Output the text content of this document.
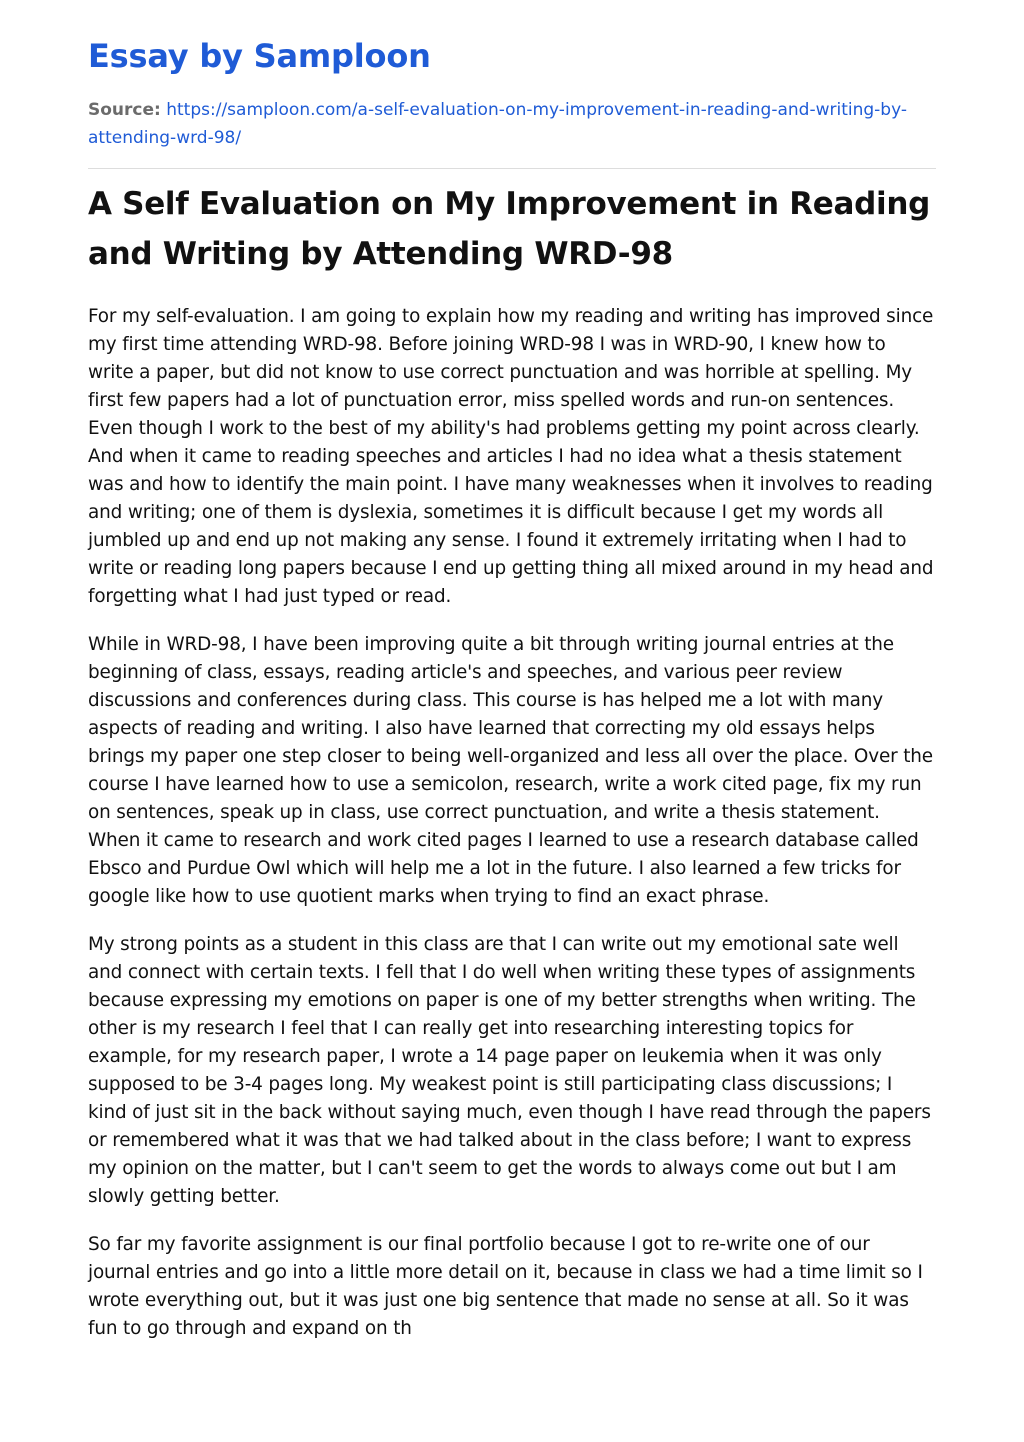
Essay by Samploon
Source: https://samploon.com/a-self-evaluation-on-my-improvement-in-reading-and-writing-by-attending-wrd-98/
A Self Evaluation on My Improvement in Reading and Writing by Attending WRD-98

For my self-evaluation. I am going to explain how my reading and writing has improved since my first time attending WRD-98. Before joining WRD-98 I was in WRD-90, I knew how to write a paper, but did not know to use correct punctuation and was horrible at spelling. My first few papers had a lot of punctuation error, miss spelled words and run-on sentences. Even though I work to the best of my ability's had problems getting my point across clearly. And when it came to reading speeches and articles I had no idea what a thesis statement was and how to identify the main point. I have many weaknesses when it involves to reading and writing; one of them is dyslexia, sometimes it is difficult because I get my words all jumbled up and end up not making any sense. I found it extremely irritating when I had to write or reading long papers because I end up getting thing all mixed around in my head and forgetting what I had just typed or read.

While in WRD-98, I have been improving quite a bit through writing journal entries at the beginning of class, essays, reading article's and speeches, and various peer review discussions and conferences during class. This course is has helped me a lot with many aspects of reading and writing. I also have learned that correcting my old essays helps brings my paper one step closer to being well-organized and less all over the place. Over the course I have learned how to use a semicolon, research, write a work cited page, fix my run on sentences, speak up in class, use correct punctuation, and write a thesis statement. When it came to research and work cited pages I learned to use a research database called Ebsco and Purdue Owl which will help me a lot in the future. I also learned a few tricks for google like how to use quotient marks when trying to find an exact phrase.

My strong points as a student in this class are that I can write out my emotional sate well and connect with certain texts. I fell that I do well when writing these types of assignments because expressing my emotions on paper is one of my better strengths when writing. The other is my research I feel that I can really get into researching interesting topics for example, for my research paper, I wrote a 14 page paper on leukemia when it was only supposed to be 3-4 pages long. My weakest point is still participating class discussions; I kind of just sit in the back without saying much, even though I have read through the papers or remembered what it was that we had talked about in the class before; I want to express my opinion on the matter, but I can't seem to get the words to always come out but I am slowly getting better.

So far my favorite assignment is our final portfolio because I got to re-write one of our journal entries and go into a little more detail on it, because in class we had a time limit so I wrote everything out, but it was just one big sentence that made no sense at all. So it was fun to go through and expand on th
